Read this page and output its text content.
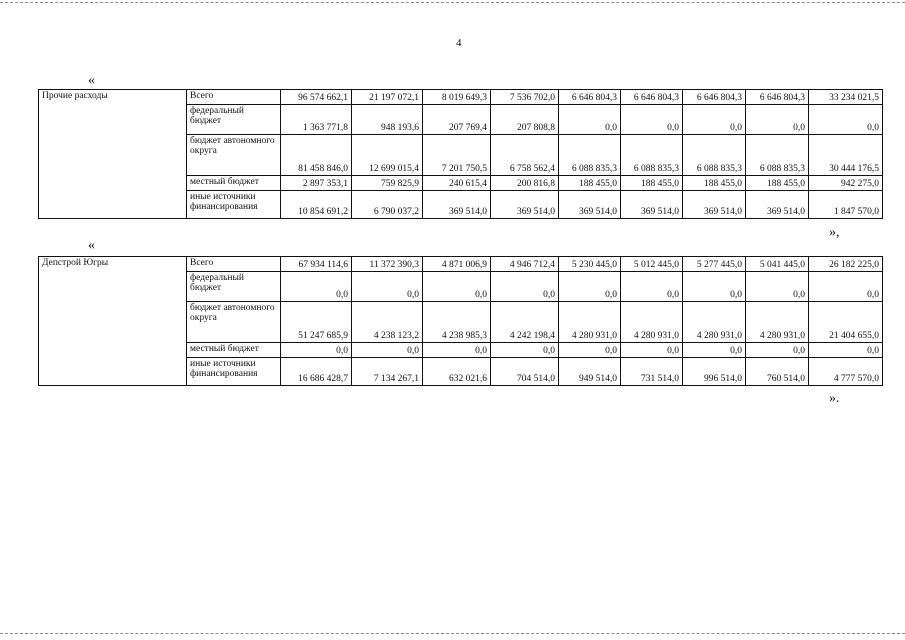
4
«
Прочие расходы	Всего	96 574 662,1	21 197 072,1	8 019 649,3	7 536 702,0	6 646 804,3	6 646 804,3	6 646 804,3	6 646 804,3	33 234 021,5
	федеральный бюджет	1 363 771,8	948 193,6	207 769,4	207 808,8	0,0	0,0	0,0	0,0	0,0
	бюджет автономного округа	81 458 846,0	12 699 015,4	7 201 750,5	6 758 562,4	6 088 835,3	6 088 835,3	6 088 835,3	6 088 835,3	30 444 176,5
	местный бюджет	2 897 353,1	759 825,9	240 615,4	200 816,8	188 455,0	188 455,0	188 455,0	188 455,0	942 275,0
	иные источники финансирования	10 854 691,2	6 790 037,2	369 514,0	369 514,0	369 514,0	369 514,0	369 514,0	369 514,0	1 847 570,0
»,
«
Депстрой Югры	Всего	67 934 114,6	11 372 390,3	4 871 006,9	4 946 712,4	5 230 445,0	5 012 445,0	5 277 445,0	5 041 445,0	26 182 225,0
	федеральный бюджет	0,0	0,0	0,0	0,0	0,0	0,0	0,0	0,0	0,0
	бюджет автономного округа	51 247 685,9	4 238 123,2	4 238 985,3	4 242 198,4	4 280 931,0	4 280 931,0	4 280 931,0	4 280 931,0	21 404 655,0
	местный бюджет	0,0	0,0	0,0	0,0	0,0	0,0	0,0	0,0	0,0
	иные источники финансирования	16 686 428,7	7 134 267,1	632 021,6	704 514,0	949 514,0	731 514,0	996 514,0	760 514,0	4 777 570,0
».
